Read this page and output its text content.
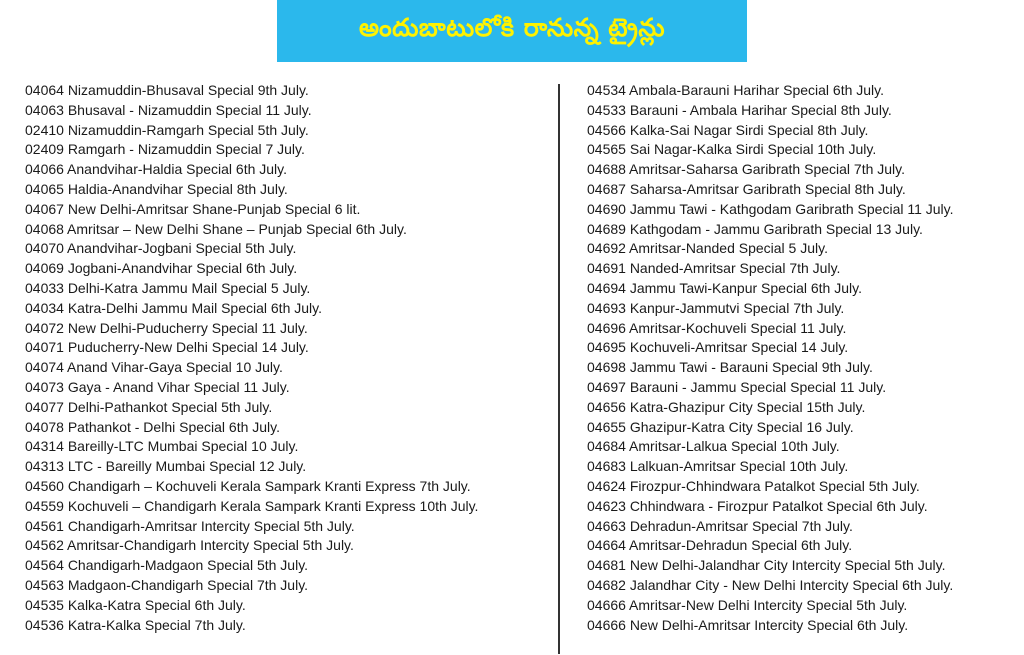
అందుబాటులోకి రానున్న ట్రైన్లు
04064 Nizamuddin-Bhusaval Special 9th July.
04063 Bhusaval - Nizamuddin Special 11 July.
02410 Nizamuddin-Ramgarh Special 5th July.
02409 Ramgarh - Nizamuddin Special 7 July.
04066 Anandvihar-Haldia Special 6th July.
04065 Haldia-Anandvihar Special 8th July.
04067 New Delhi-Amritsar Shane-Punjab Special 6 lit.
04068 Amritsar – New Delhi Shane – Punjab Special 6th July.
04070 Anandvihar-Jogbani Special 5th July.
04069 Jogbani-Anandvihar Special 6th July.
04033 Delhi-Katra Jammu Mail Special 5 July.
04034 Katra-Delhi Jammu Mail Special 6th July.
04072 New Delhi-Puducherry Special 11 July.
04071 Puducherry-New Delhi Special 14 July.
04074 Anand Vihar-Gaya Special 10 July.
04073 Gaya - Anand Vihar Special 11 July.
04077 Delhi-Pathankot Special 5th July.
04078 Pathankot - Delhi Special 6th July.
04314 Bareilly-LTC Mumbai Special 10 July.
04313 LTC - Bareilly Mumbai Special 12 July.
04560 Chandigarh – Kochuveli Kerala Sampark Kranti Express 7th July.
04559 Kochuveli – Chandigarh Kerala Sampark Kranti Express 10th July.
04561 Chandigarh-Amritsar Intercity Special 5th July.
04562 Amritsar-Chandigarh Intercity Special 5th July.
04564 Chandigarh-Madgaon Special 5th July.
04563 Madgaon-Chandigarh Special 7th July.
04535 Kalka-Katra Special 6th July.
04536 Katra-Kalka Special 7th July.
04534 Ambala-Barauni Harihar Special 6th July.
04533 Barauni - Ambala Harihar Special 8th July.
04566 Kalka-Sai Nagar Sirdi Special 8th July.
04565 Sai Nagar-Kalka Sirdi Special 10th July.
04688 Amritsar-Saharsa Garibrath Special 7th July.
04687 Saharsa-Amritsar Garibrath Special 8th July.
04690 Jammu Tawi - Kathgodam Garibrath Special 11 July.
04689 Kathgodam - Jammu Garibrath Special 13 July.
04692 Amritsar-Nanded Special 5 July.
04691 Nanded-Amritsar Special 7th July.
04694 Jammu Tawi-Kanpur Special 6th July.
04693 Kanpur-Jammutvi Special 7th July.
04696 Amritsar-Kochuveli Special 11 July.
04695 Kochuveli-Amritsar Special 14 July.
04698 Jammu Tawi - Barauni Special 9th July.
04697 Barauni - Jammu Special Special 11 July.
04656 Katra-Ghazipur City Special 15th July.
04655 Ghazipur-Katra City Special 16 July.
04684 Amritsar-Lalkua Special 10th July.
04683 Lalkuan-Amritsar Special 10th July.
04624 Firozpur-Chhindwara Patalkot Special 5th July.
04623 Chhindwara - Firozpur Patalkot Special 6th July.
04663 Dehradun-Amritsar Special 7th July.
04664 Amritsar-Dehradun Special 6th July.
04681 New Delhi-Jalandhar City Intercity Special 5th July.
04682 Jalandhar City - New Delhi Intercity Special 6th July.
04666 Amritsar-New Delhi Intercity Special 5th July.
04666 New Delhi-Amritsar Intercity Special 6th July.
